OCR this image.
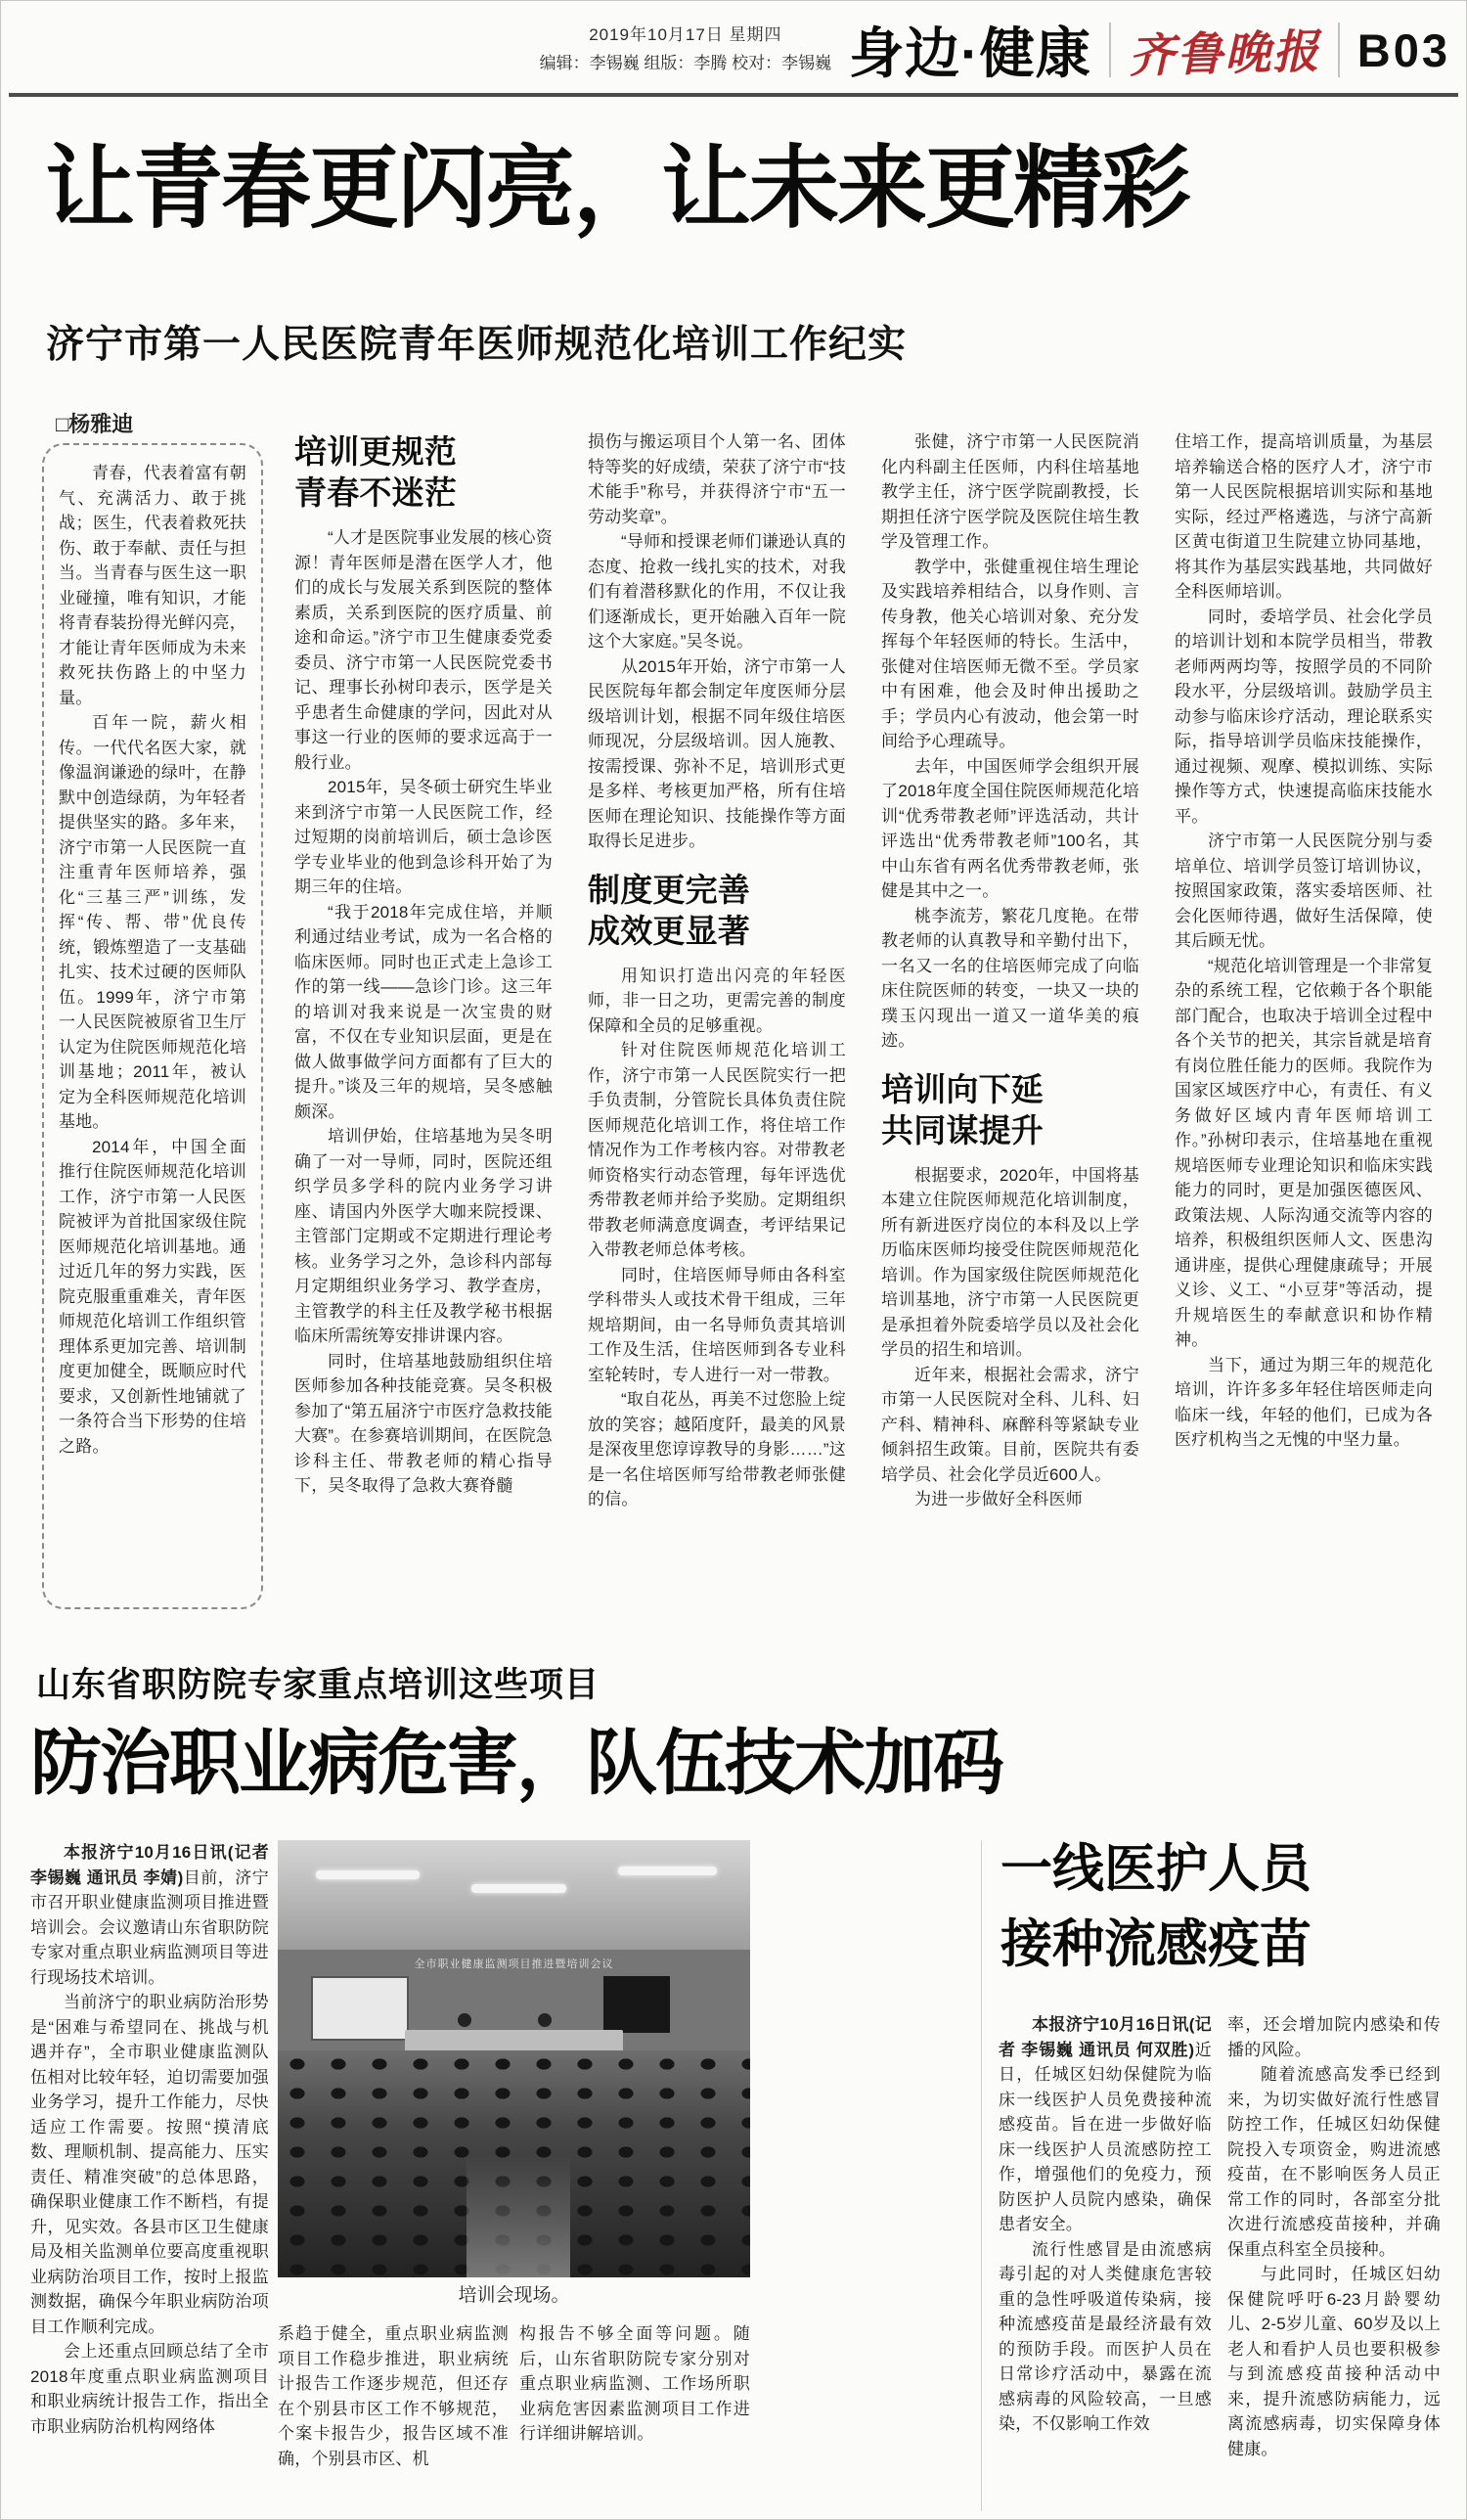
2019年10月17日 星期四
编辑：李锡巍 组版：李腾 校对：李锡巍 身边·健康 齐鲁晚报 B03
让青春更闪亮，让未来更精彩
济宁市第一人民医院青年医师规范化培训工作纪实
□杨雅迪

青春，代表着富有朝气、充满活力、敢于挑战；医生，代表着救死扶伤、敢于奉献、责任与担当。当青春与医生这一职业碰撞，唯有知识，才能将青春装扮得光鲜闪亮，才能让青年医师成为未来救死扶伤路上的中坚力量。

百年一院，薪火相传。一代代名医大家，就像温润谦逊的绿叶，在静默中创造绿荫，为年轻者提供坚实的路。多年来，济宁市第一人民医院一直注重青年医师培养，强化“三基三严”训练，发挥“传、帮、带”优良传统，锻炼塑造了一支基础扎实、技术过硬的医师队伍。1999年，济宁市第一人民医院被原省卫生厅认定为住院医师规范化培训基地；2011年，被认定为全科医师规范化培训基地。

2014年，中国全面推行住院医师规范化培训工作，济宁市第一人民医院被评为首批国家级住院医师规范化培训基地。通过近几年的努力实践，医院克服重重难关，青年医师规范化培训工作组织管理体系更加完善、培训制度更加健全，既顺应时代要求，又创新性地铺就了一条符合当下形势的住培之路。

培训更规范
青春不迷茫

“人才是医院事业发展的核心资源！青年医师是潜在医学人才，他们的成长与发展关系到医院的整体素质，关系到医院的医疗质量、前途和命运。”济宁市卫生健康委党委委员、济宁市第一人民医院党委书记、理事长孙树印表示，医学是关乎患者生命健康的学问，因此对从事这一行业的医师的要求远高于一般行业。

2015年，吴冬硕士研究生毕业来到济宁市第一人民医院工作，经过短期的岗前培训后，硕士急诊医学专业毕业的他到急诊科开始了为期三年的住培。

“我于2018年完成住培，并顺利通过结业考试，成为一名合格的临床医师。同时也正式走上急诊工作的第一线——急诊门诊。这三年的培训对我来说是一次宝贵的财富，不仅在专业知识层面，更是在做人做事做学问方面都有了巨大的提升。”谈及三年的规培，吴冬感触颇深。

培训伊始，住培基地为吴冬明确了一对一导师，同时，医院还组织学员多学科的院内业务学习讲座、请国内外医学大咖来院授课、主管部门定期或不定期进行理论考核。业务学习之外，急诊科内部每月定期组织业务学习、教学查房，主管教学的科主任及教学秘书根据临床所需统筹安排讲课内容。

同时，住培基地鼓励组织住培医师参加各种技能竞赛。吴冬积极参加了“第五届济宁市医疗急救技能大赛”。在参赛培训期间，在医院急诊科主任、带教老师的精心指导下，吴冬取得了急救大赛脊髓

损伤与搬运项目个人第一名、团体特等奖的好成绩，荣获了济宁市“技术能手”称号，并获得济宁市“五一劳动奖章”。

“导师和授课老师们谦逊认真的态度、抢救一线扎实的技术，对我们有着潜移默化的作用，不仅让我们逐渐成长，更开始融入百年一院这个大家庭。”吴冬说。

从2015年开始，济宁市第一人民医院每年都会制定年度医师分层级培训计划，根据不同年级住培医师现况，分层级培训。因人施教、按需授课、弥补不足，培训形式更是多样、考核更加严格，所有住培医师在理论知识、技能操作等方面取得长足进步。

制度更完善
成效更显著

用知识打造出闪亮的年轻医师，非一日之功，更需完善的制度保障和全员的足够重视。

针对住院医师规范化培训工作，济宁市第一人民医院实行一把手负责制，分管院长具体负责住院医师规范化培训工作，将住培工作情况作为工作考核内容。对带教老师资格实行动态管理，每年评选优秀带教老师并给予奖励。定期组织带教老师满意度调查，考评结果记入带教老师总体考核。

同时，住培医师导师由各科室学科带头人或技术骨干组成，三年规培期间，由一名导师负责其培训工作及生活，住培医师到各专业科室轮转时，专人进行一对一带教。

“取自花丛，再美不过您脸上绽放的笑容；越陌度阡，最美的风景是深夜里您谆谆教导的身影……”这是一名住培医师写给带教老师张健的信。

张健，济宁市第一人民医院消化内科副主任医师，内科住培基地教学主任，济宁医学院副教授，长期担任济宁医学院及医院住培生教学及管理工作。

教学中，张健重视住培生理论及实践培养相结合，以身作则、言传身教，他关心培训对象、充分发挥每个年轻医师的特长。生活中，张健对住培医师无微不至。学员家中有困难，他会及时伸出援助之手；学员内心有波动，他会第一时间给予心理疏导。

去年，中国医师学会组织开展了2018年度全国住院医师规范化培训“优秀带教老师”评选活动，共计评选出“优秀带教老师”100名，其中山东省有两名优秀带教老师，张健是其中之一。

桃李流芳，繁花几度艳。在带教老师的认真教导和辛勤付出下，一名又一名的住培医师完成了向临床住院医师的转变，一块又一块的璞玉闪现出一道又一道华美的痕迹。

培训向下延
共同谋提升

根据要求，2020年，中国将基本建立住院医师规范化培训制度，所有新进医疗岗位的本科及以上学历临床医师均接受住院医师规范化培训。作为国家级住院医师规范化培训基地，济宁市第一人民医院更是承担着外院委培学员以及社会化学员的招生和培训。

近年来，根据社会需求，济宁市第一人民医院对全科、儿科、妇产科、精神科、麻醉科等紧缺专业倾斜招生政策。目前，医院共有委培学员、社会化学员近600人。

为进一步做好全科医师

住培工作，提高培训质量，为基层培养输送合格的医疗人才，济宁市第一人民医院根据培训实际和基地实际，经过严格遴选，与济宁高新区黄屯街道卫生院建立协同基地，将其作为基层实践基地，共同做好全科医师培训。

同时，委培学员、社会化学员的培训计划和本院学员相当，带教老师两两均等，按照学员的不同阶段水平，分层级培训。鼓励学员主动参与临床诊疗活动，理论联系实际，指导培训学员临床技能操作，通过视频、观摩、模拟训练、实际操作等方式，快速提高临床技能水平。

济宁市第一人民医院分别与委培单位、培训学员签订培训协议，按照国家政策，落实委培医师、社会化医师待遇，做好生活保障，使其后顾无忧。

“规范化培训管理是一个非常复杂的系统工程，它依赖于各个职能部门配合，也取决于培训全过程中各个关节的把关，其宗旨就是培育有岗位胜任能力的医师。我院作为国家区域医疗中心，有责任、有义务做好区域内青年医师培训工作。”孙树印表示，住培基地在重视规培医师专业理论知识和临床实践能力的同时，更是加强医德医风、政策法规、人际沟通交流等内容的培养，积极组织医师人文、医患沟通讲座，提供心理健康疏导；开展义诊、义工、“小豆芽”等活动，提升规培医生的奉献意识和协作精神。

当下，通过为期三年的规范化培训，许许多多年轻住培医师走向临床一线，年轻的他们，已成为各医疗机构当之无愧的中坚力量。

山东省职防院专家重点培训这些项目
防治职业病危害，队伍技术加码

本报济宁10月16日讯(记者 李锡巍 通讯员 李婧)目前，济宁市召开职业健康监测项目推进暨培训会。会议邀请山东省职防院专家对重点职业病监测项目等进行现场技术培训。

当前济宁的职业病防治形势是“困难与希望同在、挑战与机遇并存”，全市职业健康监测队伍相对比较年轻，迫切需要加强业务学习，提升工作能力，尽快适应工作需要。按照“摸清底数、理顺机制、提高能力、压实责任、精准突破”的总体思路，确保职业健康工作不断档，有提升，见实效。各县市区卫生健康局及相关监测单位要高度重视职业病防治项目工作，按时上报监测数据，确保今年职业病防治项目工作顺利完成。

会上还重点回顾总结了全市2018年度重点职业病监测项目和职业病统计报告工作，指出全市职业病防治机构网络体

全市职业健康监测项目推进暨培训会议
培训会现场。

系趋于健全，重点职业病监测项目工作稳步推进，职业病统计报告工作逐步规范，但还存在个别县市区工作不够规范，个案卡报告少，报告区域不准确，个别县市区、机

构报告不够全面等问题。随后，山东省职防院专家分别对重点职业病监测、工作场所职业病危害因素监测项目工作进行详细讲解培训。

一线医护人员
接种流感疫苗

本报济宁10月16日讯(记者 李锡巍 通讯员 何双胜)近日，任城区妇幼保健院为临床一线医护人员免费接种流感疫苗。旨在进一步做好临床一线医护人员流感防控工作，增强他们的免疫力，预防医护人员院内感染，确保患者安全。

流行性感冒是由流感病毒引起的对人类健康危害较重的急性呼吸道传染病，接种流感疫苗是最经济最有效的预防手段。而医护人员在日常诊疗活动中，暴露在流感病毒的风险较高，一旦感染，不仅影响工作效

率，还会增加院内感染和传播的风险。

随着流感高发季已经到来，为切实做好流行性感冒防控工作，任城区妇幼保健院投入专项资金，购进流感疫苗，在不影响医务人员正常工作的同时，各部室分批次进行流感疫苗接种，并确保重点科室全员接种。

与此同时，任城区妇幼保健院呼吁6-23月龄婴幼儿、2-5岁儿童、60岁及以上老人和看护人员也要积极参与到流感疫苗接种活动中来，提升流感防病能力，远离流感病毒，切实保障身体健康。
